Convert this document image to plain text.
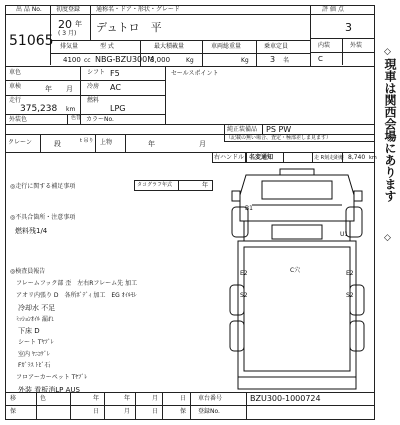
出 品 No.
51065
初度登録
20 年
( 3 月)
通称名・ドア・形状・グレード
デュトロ　平
評 価 点
3
内装	外装
C
排気量
4100 cc
型 式
NBG-BZU300M
最大積載量
3,000	Kg
車両総重量
Kg
乗車定員
3 名
車色
車検	年 月
走行
375,238 km
外装色	色替 カラーNo.
シフト F5
冷房 AC
燃料
LPG
セールスポイント
純正装備品 PS PW
（記載の無い場合、査定・極部差しま見ます）
クレーン	段	t 吊り 上物	年	月
右ハンドル 名変通知	走 R刻走距離 8,740 km
◎走行に関する補足事項	タコグラフ年式	年
◎不具合箇所・注意事項
燃料残1/4
◎検査員報告
フレームフック部 歪　左右Rフレーム先 加工
アオリ内張り D　各所ﾎﾞﾃﾞｨ 加工　EG ｵｲﾙﾓﾚ
冷却水 不足
ﾐｯｼｮﾝｵｲﾙ 漏れ
下床 D
シート Tﾔﾌﾞﾚ
室内 ﾔﾆｺｹﾞﾚ
Fｶﾞﾗｽ ﾄﾋﾞ石
フロアーカーペット Tﾔﾌﾞﾚ
外装 看板消LP AUS
B1
U1
C穴
E2	E2
S2	S2
移	色	年	年	月	日 車台番号	BZU300-1000724
保	日	月	日	保 登録No.
◇
現車は関西会場にあります
◇
